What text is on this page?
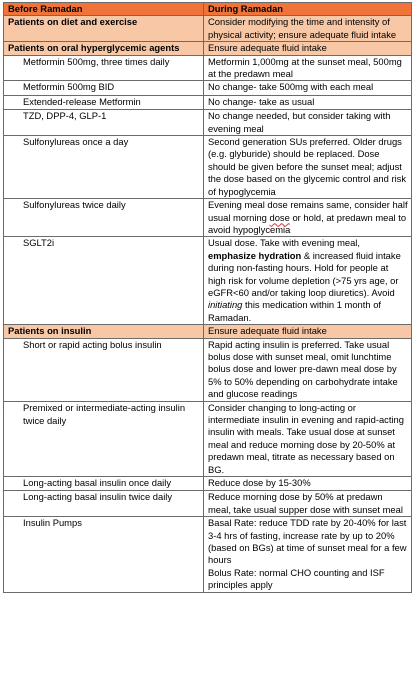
Before Ramadan	During Ramadan
Patients on diet and exercise	Consider modifying the time and intensity of physical activity; ensure adequate fluid intake
Patients on oral hyperglycemic agents	Ensure adequate fluid intake

Metformin 500mg, three times daily	Metformin 1,000mg at the sunset meal, 500mg at the predawn meal

Metformin 500mg BID	No change- take 500mg with each meal

Extended-release Metformin	No change- take as usual

TZD, DPP-4, GLP-1	No change needed, but consider taking with evening meal

Sulfonylureas once a day	Second generation SUs preferred. Older drugs (e.g. glyburide) should be replaced. Dose should be given before the sunset meal; adjust the dose based on the glycemic control and risk of hypoglycemia

Sulfonylureas twice daily	Evening meal dose remains same, consider half usual morning dose or hold, at predawn meal to avoid hypoglycemia

SGLT2i	Usual dose. Take with evening meal, emphasize hydration & increased fluid intake during non-fasting hours. Hold for people at high risk for volume depletion (>75 yrs age, or eGFR<60 and/or taking loop diuretics). Avoid initiating this medication within 1 month of Ramadan.
Patients on insulin	Ensure adequate fluid intake

Short or rapid acting bolus insulin	Rapid acting insulin is preferred. Take usual bolus dose with sunset meal, omit lunchtime bolus dose and lower pre-dawn meal dose by 5% to 50% depending on carbohydrate intake and glucose readings

Premixed or intermediate-acting insulin twice daily	Consider changing to long-acting or intermediate insulin in evening and rapid-acting insulin with meals. Take usual dose at sunset meal and reduce morning dose by 20-50% at predawn meal, titrate as necessary based on BG.

Long-acting basal insulin once daily	Reduce dose by 15-30%

Long-acting basal insulin twice daily	Reduce morning dose by 50% at predawn meal, take usual supper dose with sunset meal

Insulin Pumps	Basal Rate: reduce TDD rate by 20-40% for last 3-4 hrs of fasting, increase rate by up to 20% (based on BGs) at time of sunset meal for a few hours
Bolus Rate: normal CHO counting and ISF principles apply
